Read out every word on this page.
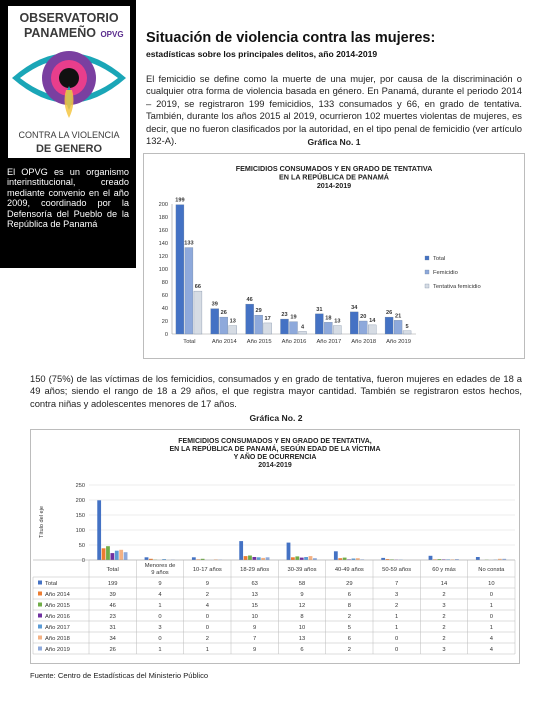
OBSERVATORIO
PANAMEÑO OPVG
CONTRA LA VIOLENCIA
DE GENERO
El OPVG es un organismo interinstitucional, creado mediante convenio en el año 2009, coordinado por la Defensoría del Pueblo de la República de Panamá
Situación de violencia contra las mujeres:
estadísticas sobre los principales delitos, año 2014-2019
El femicidio se define como la muerte de una mujer, por causa de la discriminación o cualquier otra forma de violencia basada en género. En Panamá, durante el periodo 2014 – 2019, se registraron 199 femicidios, 133 consumados y 66, en grado de tentativa. También, durante los años 2015 al 2019, ocurrieron 102 muertes violentas de mujeres, es decir, que no fueron clasificados por la autoridad, en el tipo penal de femicidio (ver artículo 132-A).	Gráfica No. 1
FEMICIDIOS CONSUMADOS Y EN GRADO DE TENTATIVA
EN LA REPÚBLICA DE PANAMÁ
2014-2019
0
20
40
60
80
100
120
140
160
180
200
199
133
66
Total
39
26
13
Año 2014
46
29
17
Año 2015
23 19
4
Año 2016
31
18
13
Año 2017
34
20
14
Año 2018
26
21
5
Año 2019
Total
Femicidio
Tentativa femicidio
150 (75%) de las víctimas de los femicidios, consumados y en grado de tentativa, fueron mujeres en edades de 18 a 49 años; siendo el rango de 18 a 29 años, el que registra mayor cantidad. También se registraron estos hechos, contra niñas y adolescentes menores de 17 años.
Gráfica No. 2
FEMICIDIOS CONSUMADOS Y EN GRADO DE TENTATIVA,
EN LA REPÚBLICA DE PANAMÁ, SEGÚN EDAD DE LA VÍCTIMA
Y AÑO DE OCURRENCIA
2014-2019
0
50
100
150
200
250
Título del eje
Total
Menores de
9 años	10-17 años	18-29 años	30-39 años	40-49 años	50-59 años	60 y más	No consta
Total	199	9	9	63	58	29	7	14	10
Año 2014	39	4	2	13	9	6	3	2	0
Año 2015	46	1	4	15	12	8	2	3	1
Año 2016	23	0	0	10	8	2	1	2	0
Año 2017	31	3	0	9	10	5	1	2	1
Año 2018	34	0	2	7	13	6	0	2	4
Año 2019	26	1	1	9	6	2	0	3	4
Fuente: Centro de Estadísticas del Ministerio Público
